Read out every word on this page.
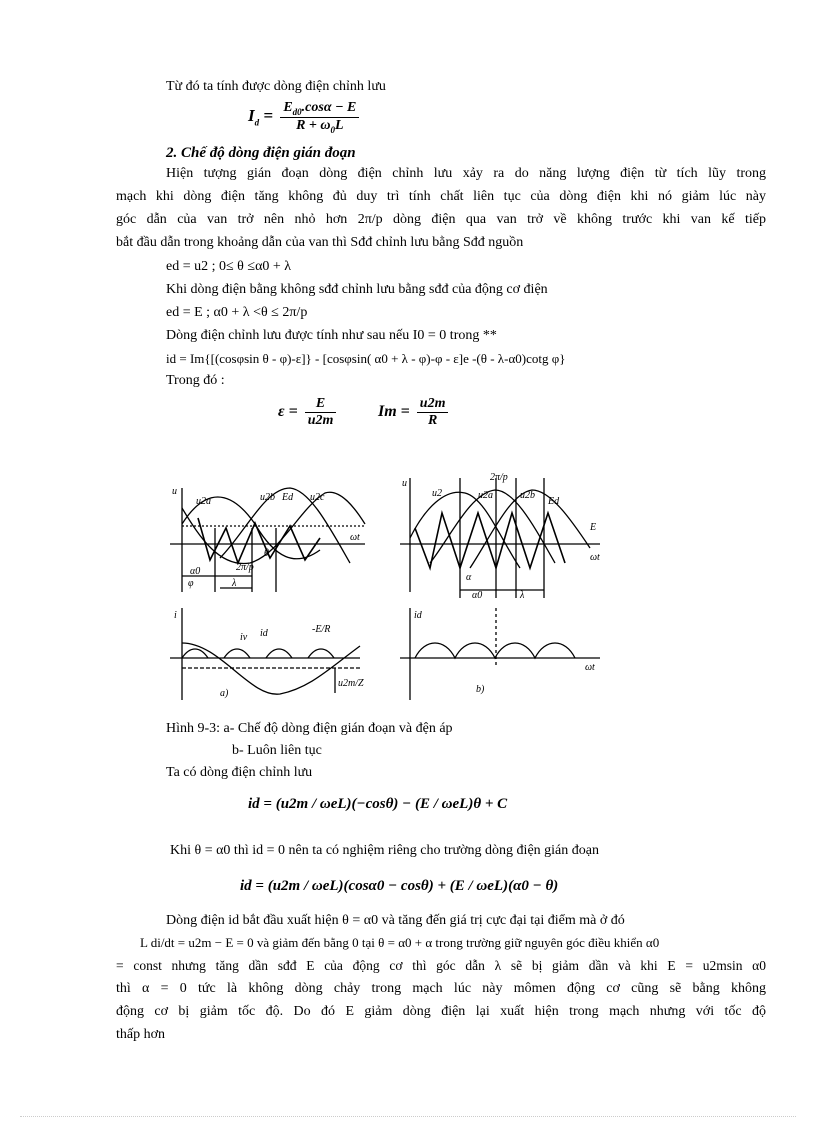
Từ đó ta tính được dòng điện chỉnh lưu
$I_d = \frac{E_{d0}.\cos\alpha - E}{R + \omega_0L}$
2. Chế độ dòng điện gián đoạn
Hiện tượng gián đoạn dòng điện chỉnh lưu xảy ra do năng lượng điện từ tích lũy trong
mạch khi dòng điện tăng không đủ duy trì tính chất liên tục của dòng điện khi nó giảm lúc này
góc dẫn của van trở nên nhỏ hơn 2π/p dòng điện qua van trở về không trước khi van kế tiếp
bắt đầu dẫn trong khoảng dẫn của van thì Sđđ chỉnh lưu bằng Sđđ nguồn
ed = u2 ; 0≤ θ ≤α0 + λ
Khi dòng điện bằng không sđđ chỉnh lưu bằng sđđ của động cơ điện
ed = E ; α0 + λ <θ ≤ 2π/p
Dòng điện chỉnh lưu được tính như sau nếu I0 = 0 trong **
id = Im{[(cosφsin θ - φ)-ε]} - [cosφsin( α0 + λ - φ)-φ - ε]e -(θ - λ-α0)cotg φ}
Trong đó :
$\varepsilon = \frac{E}{u2m}$	$Im = \frac{u2m}{R}$
u
u2a	u2b Ed u2c
α0
φ
2π/p
λ
θ
ωt
i
iv id	-E/R
u2m/Z
a)
u
u2	u2a	u2b
Ed
2π/p
E
α
α0	λ
ωt
id
ωt
b)
Hình 9-3: a- Chế độ dòng điện gián đoạn và đện áp
b- Luôn liên tục
Ta có dòng điện chỉnh lưu
id = (u2m / ωeL)(−cosθ) − (E / ωeL)θ + C
Khi θ = α0 thì id = 0 nên ta có nghiệm riêng cho trường dòng điện gián đoạn
id = (u2m / ωeL)(cosα0 − cosθ) + (E / ωeL)(α0 − θ)
Dòng điện id bắt đầu xuất hiện θ = α0 và tăng đến giá trị cực đại tại điểm mà ở đó
L di/dt = u2m − E = 0 và giảm đến bằng 0 tại θ = α0 + α trong trường giữ nguyên góc điều khiển α0
= const nhưng tăng dần sđđ E của động cơ thì góc dẫn λ sẽ bị giảm dần và khi E = u2msin α0
thì α = 0 tức là không dòng chảy trong mạch lúc này mômen động cơ cũng sẽ bằng không
động cơ bị giảm tốc độ. Do đó E giảm dòng điện lại xuất hiện trong mạch nhưng với tốc độ
thấp hơn
